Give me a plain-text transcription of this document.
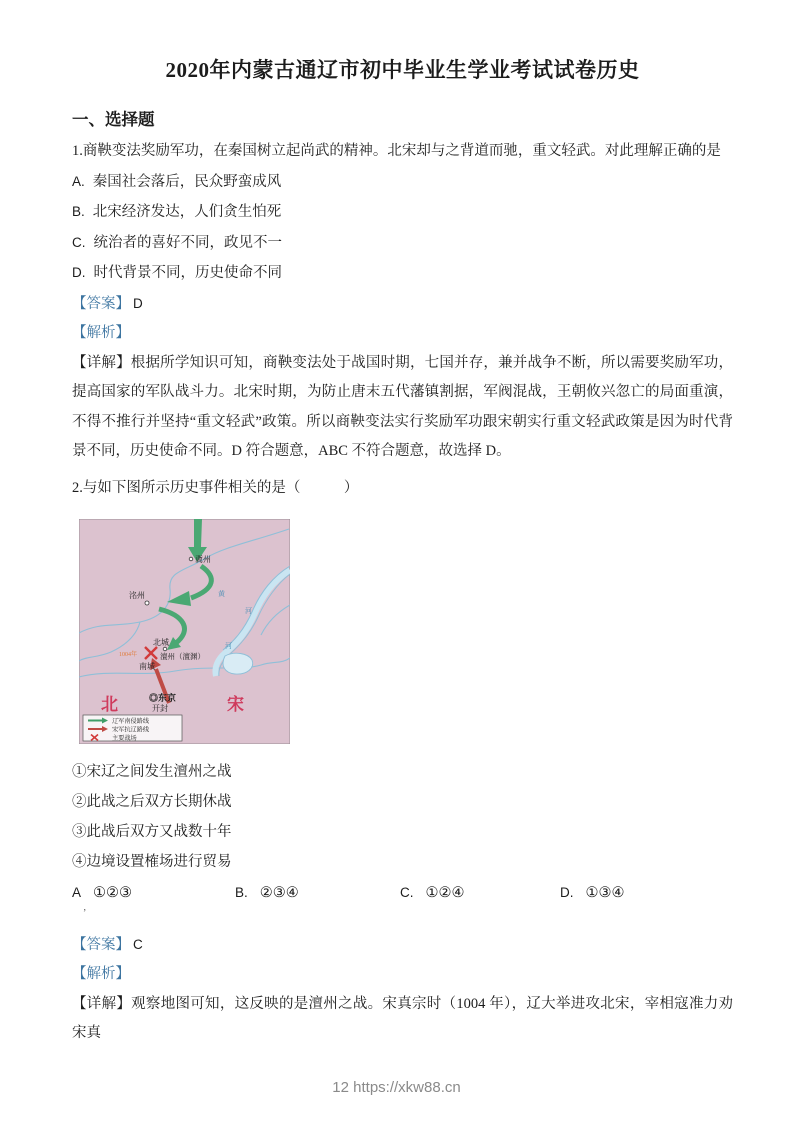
2020年内蒙古通辽市初中毕业生学业考试试卷历史
一、选择题

1.商鞅变法奖励军功，在秦国树立起尚武的精神。北宋却与之背道而驰，重文轻武。对此理解正确的是

A. 秦国社会落后，民众野蛮成风

B. 北宋经济发达，人们贪生怕死

C. 统治者的喜好不同，政见不一

D. 时代背景不同，历史使命不同

【答案】 D

【解析】

【详解】根据所学知识可知，商鞅变法处于战国时期，七国并存，兼并战争不断，所以需要奖励军功，提高国家的军队战斗力。北宋时期，为防止唐末五代藩镇割据，军阀混战，王朝攸兴忽亡的局面重演，不得不推行并坚持“重文轻武”政策。所以商鞅变法实行奖励军功跟宋朝实行重文轻武政策是因为时代背景不同，历史使命不同。D 符合题意，ABC 不符合题意，故选择 D。

2.与如下图所示历史事件相关的是（　　　）

冀州
洺州
北城
1004年	澶州（澶渊）
南城
◎东京
开封
北	宋
黄
河
河
辽军南侵路线
宋军抗辽路线
主要战场

①宋辽之间发生澶州之战

②此战之后双方长期休战

③此战后双方又战数十年

④边境设置榷场进行贸易

A ①②③	B. ②③④	C. ①②④	D. ①③④
’

【答案】 C

【解析】

【详解】观察地图可知，这反映的是澶州之战。宋真宗时（1004 年），辽大举进攻北宋，宰相寇准力劝宋真

12 https://xkw88.cn
